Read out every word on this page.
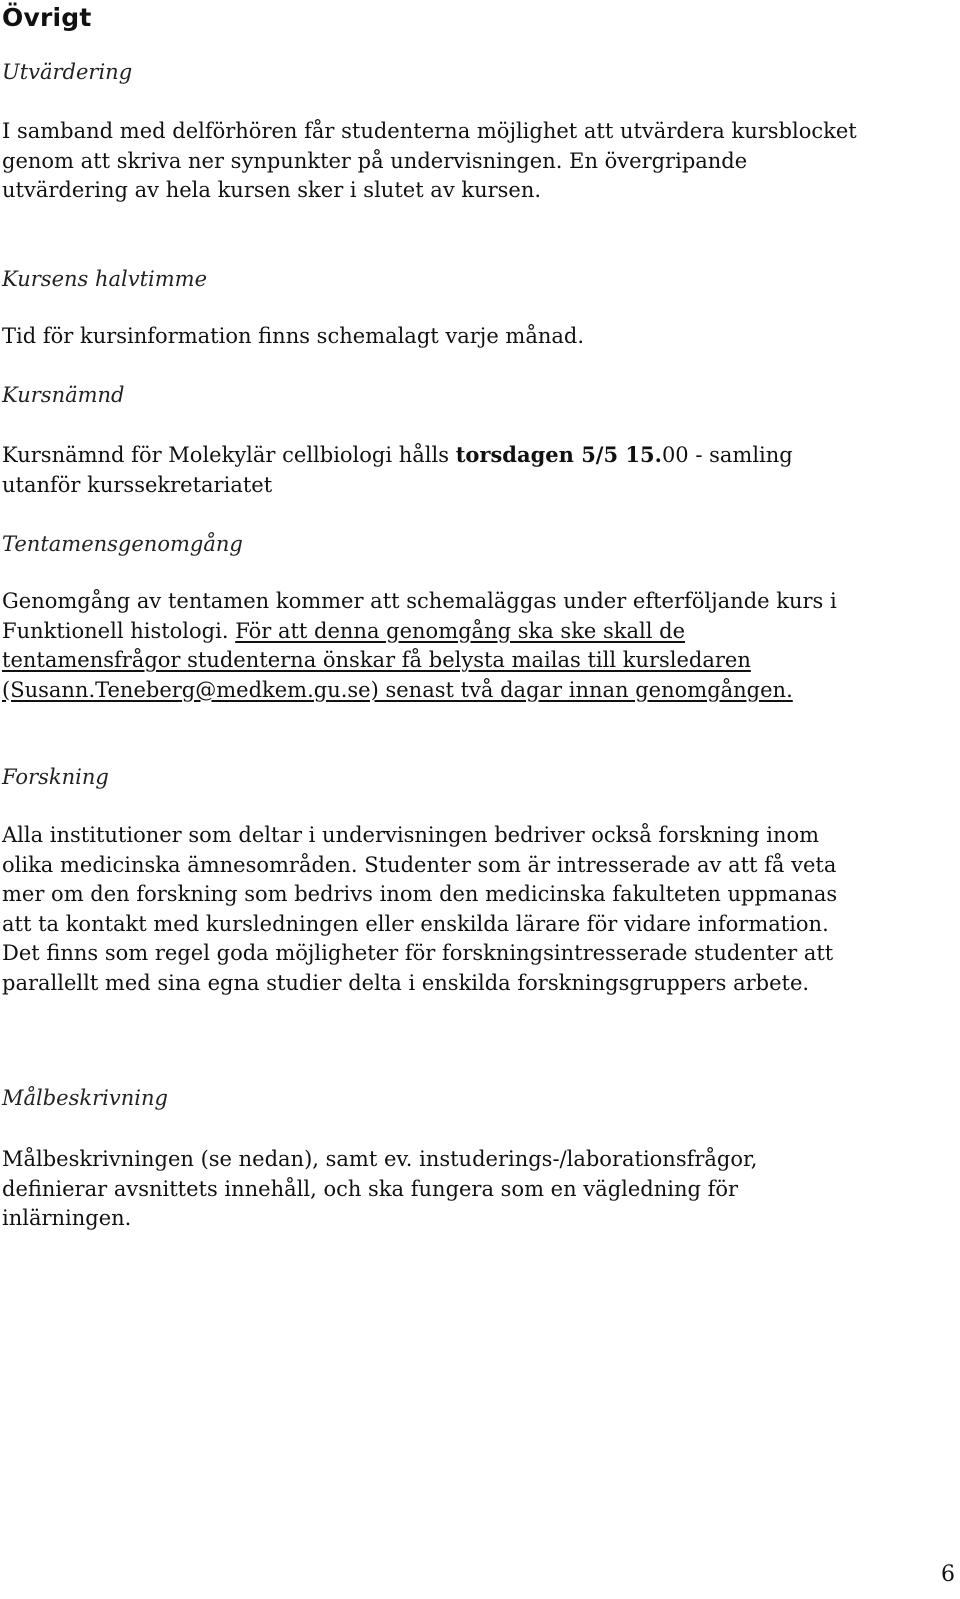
Övrigt
Utvärdering

I samband med delförhören får studenterna möjlighet att utvärdera kursblocket
genom att skriva ner synpunkter på undervisningen. En övergripande
utvärdering av hela kursen sker i slutet av kursen.

Kursens halvtimme

Tid för kursinformation finns schemalagt varje månad.

Kursnämnd

Kursnämnd för Molekylär cellbiologi hålls torsdagen 5/5 15.00 - samling
utanför kurssekretariatet

Tentamensgenomgång

Genomgång av tentamen kommer att schemaläggas under efterföljande kurs i
Funktionell histologi. För att denna genomgång ska ske skall de
tentamensfrågor studenterna önskar få belysta mailas till kursledaren
(Susann.Teneberg@medkem.gu.se) senast två dagar innan genomgången.

Forskning

Alla institutioner som deltar i undervisningen bedriver också forskning inom
olika medicinska ämnesområden. Studenter som är intresserade av att få veta
mer om den forskning som bedrivs inom den medicinska fakulteten uppmanas
att ta kontakt med kursledningen eller enskilda lärare för vidare information.
Det finns som regel goda möjligheter för forskningsintresserade studenter att
parallellt med sina egna studier delta i enskilda forskningsgruppers arbete.

Målbeskrivning

Målbeskrivningen (se nedan), samt ev. instuderings-/laborationsfrågor,
definierar avsnittets innehåll, och ska fungera som en vägledning för
inlärningen.

6
